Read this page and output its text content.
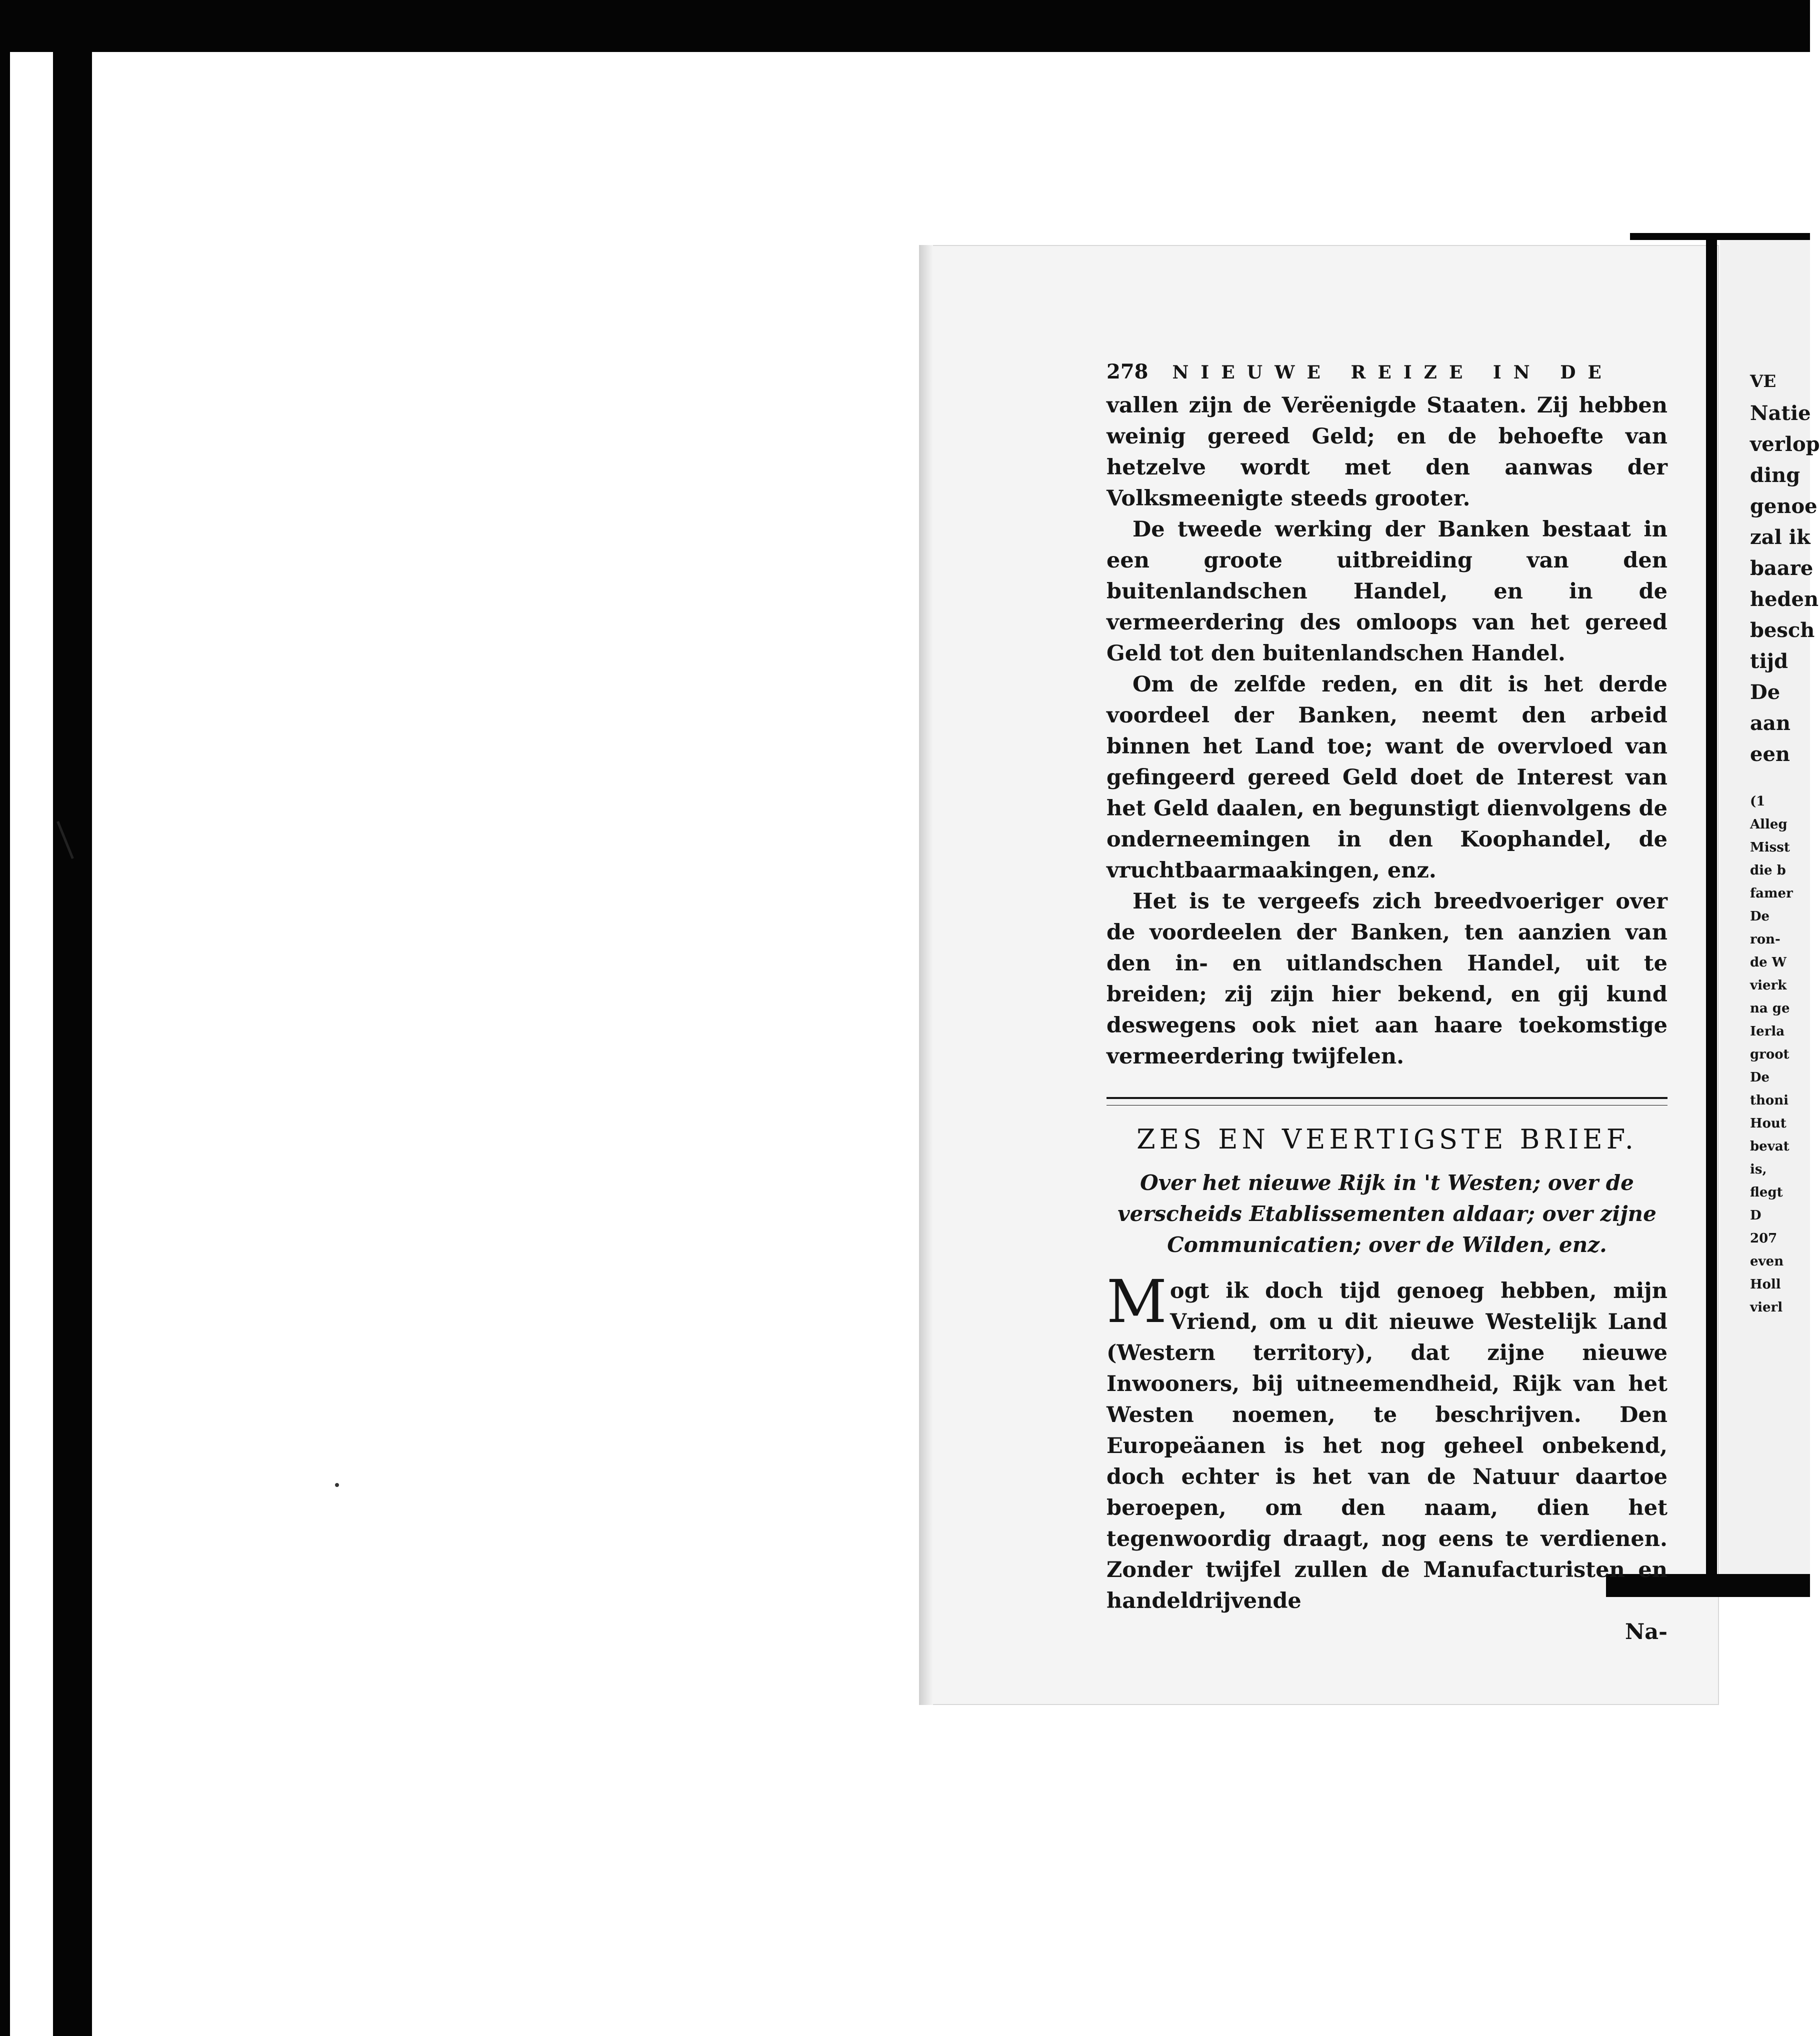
278 NIEUWE REIZE IN DE

vallen zijn de Verëenigde Staaten. Zij hebben weinig gereed Geld; en de behoefte van hetzelve wordt met den aanwas der Volksmeenigte steeds grooter.

De tweede werking der Banken bestaat in een groote uitbreiding van den buitenlandschen Handel, en in de vermeerdering des omloops van het gereed Geld tot den buitenlandschen Handel.

Om de zelfde reden, en dit is het derde voordeel der Banken, neemt den arbeid binnen het Land toe; want de overvloed van gefingeerd gereed Geld doet de Interest van het Geld daalen, en begunstigt dienvolgens de onderneemingen in den Koophandel, de vruchtbaarmaakingen, enz.

Het is te vergeefs zich breedvoeriger over de voordeelen der Banken, ten aanzien van den in- en uitlandschen Handel, uit te breiden; zij zijn hier bekend, en gij kund deswegens ook niet aan haare toekomstige vermeerdering twijfelen.

ZES EN VEERTIGSTE BRIEF.

Over het nieuwe Rijk in 't Westen; over de verscheids Etablissementen aldaar; over zijne Communicatien; over de Wilden, enz.

M ogt ik doch tijd genoeg hebben, mijn Vriend, om u dit nieuwe Westelijk Land (Western territory), dat zijne nieuwe Inwooners, bij uitneemendheid, Rijk van het Westen noemen, te beschrijven. Den Europeäanen is het nog geheel onbekend, doch echter is het van de Natuur daartoe beroepen, om den naam, dien het tegenwoordig draagt, nog eens te verdienen. Zonder twijfel zullen de Manufacturisten en handeldrijvende

Na-
VE
Natie
verlop
ding
genoe
zal ik
baare
heden
besch
tijd
De
aan
een
(1
Alleg
Misst
die b
famer
De
ron-
de W
vierk
na ge
Ierla
groot
De
thoni
Hout
bevat
is,
flegt
D
207
even
Holl
vierl
